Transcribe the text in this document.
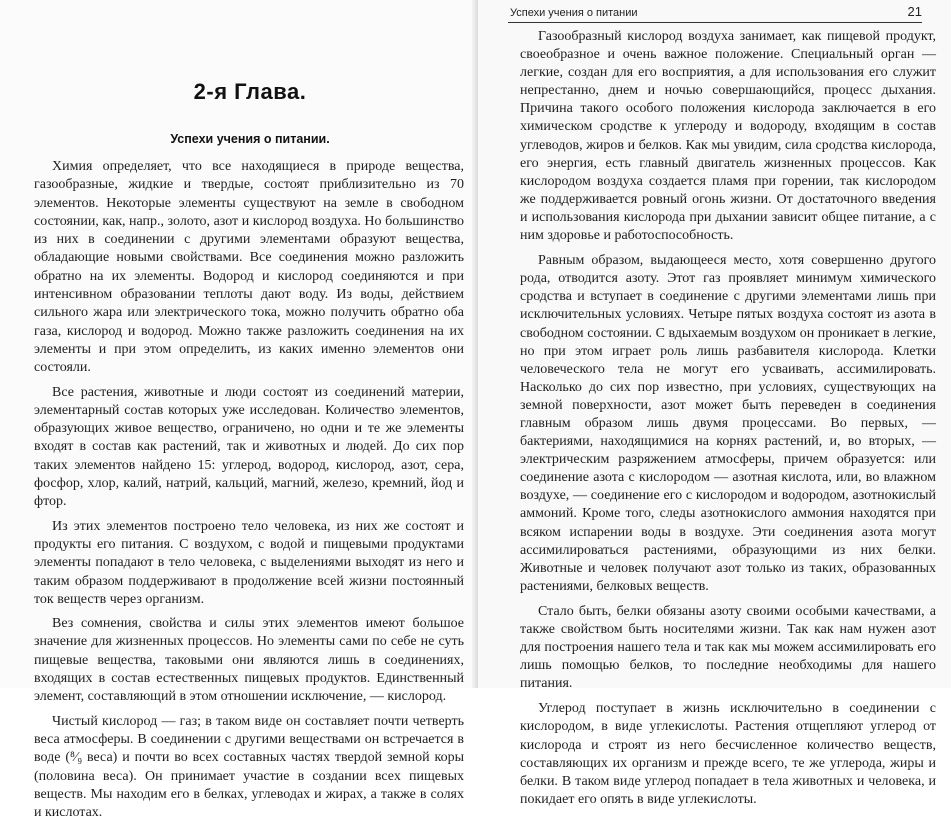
2-я Глава.
Успехи учения о питании.

Химия определяет, что все находящиеся в природе вещества, газообразные, жидкие и твердые, состоят приблизительно из 70 элементов. Некоторые элементы существуют на земле в свободном состоянии, как, напр., золото, азот и кислород воздуха. Но большинство из них в соединении с другими элементами образуют вещества, обладающие новыми свойствами. Все соединения можно разложить обратно на их элементы. Водород и кислород соединяются и при интенсивном образовании теплоты дают воду. Из воды, действием сильного жара или электрического тока, можно получить обратно оба газа, кислород и водород. Можно также разложить соединения на их элементы и при этом определить, из каких именно элементов они состояли.

Все растения, животные и люди состоят из соединений материи, элементарный состав которых уже исследован. Количество элементов, образующих живое вещество, ограничено, но одни и те же элементы входят в состав как растений, так и животных и людей. До сих пор таких элементов найдено 15: углерод, водород, кислород, азот, сера, фосфор, хлор, калий, натрий, кальций, магний, железо, кремний, йод и фтор.

Из этих элементов построено тело человека, из них же состоят и продукты его питания. С воздухом, с водой и пищевыми продуктами элементы попадают в тело человека, с выделениями выходят из него и таким образом поддерживают в продолжение всей жизни постоянный ток веществ через организм.

Вез сомнения, свойства и силы этих элементов имеют большое значение для жизненных процессов. Но элементы сами по себе не суть пищевые вещества, таковыми они являются лишь в соединениях, входящих в состав естественных пищевых продуктов. Единственный элемент, составляющий в этом отношении исключение, — кислород.

Чистый кислород — газ; в таком виде он составляет почти четверть веса атмосферы. В соединении с другими веществами он встречается в воде (⁸⁄₉ веса) и почти во всех составных частях твердой земной коры (половина веса). Он принимает участие в создании всех пищевых веществ. Мы находим его в белках, углеводах и жирах, а также в солях и кислотах.

Успехи учения о питании	21

Газообразный кислород воздуха занимает, как пищевой продукт, своеобразное и очень важное положение. Специальный орган — легкие, создан для его восприятия, а для использования его служит непрестанно, днем и ночью совершающийся, процесс дыхания. Причина такого особого положения кислорода заключается в его химическом сродстве к углероду и водороду, входящим в состав углеводов, жиров и белков. Как мы увидим, сила сродства кислорода, его энергия, есть главный двигатель жизненных процессов. Как кислородом воздуха создается пламя при горении, так кислородом же поддерживается ровный огонь жизни. От достаточного введения и использования кислорода при дыхании зависит общее питание, а с ним здоровье и работоспособность.

Равным образом, выдающееся место, хотя совершенно другого рода, отводится азоту. Этот газ проявляет минимум химического сродства и вступает в соединение с другими элементами лишь при исключительных условиях. Четыре пятых воздуха состоят из азота в свободном состоянии. С вдыхаемым воздухом он проникает в легкие, но при этом играет роль лишь разбавителя кислорода. Клетки человеческого тела не могут его усваивать, ассимилировать. Насколько до сих пор известно, при условиях, существующих на земной поверхности, азот может быть переведен в соединения главным образом лишь двумя процессами. Во первых, — бактериями, находящимися на корнях растений, и, во вторых, — электрическим разряжением атмосферы, причем образуется: или соединение азота с кислородом — азотная кислота, или, во влажном воздухе, — соединение его с кислородом и водородом, азотнокислый аммоний. Кроме того, следы азотнокислого аммония находятся при всяком испарении воды в воздухе. Эти соединения азота могут ассимилироваться растениями, образующими из них белки. Животные и человек получают азот только из таких, образованных растениями, белковых веществ.

Стало быть, белки обязаны азоту своими особыми качествами, а также свойством быть носителями жизни. Так как нам нужен азот для построения нашего тела и так как мы можем ассимилировать его лишь помощью белков, то последние необходимы для нашего питания.

Углерод поступает в жизнь исключительно в соединении с кислородом, в виде углекислоты. Растения отщепляют углерод от кислорода и строят из него бесчисленное количество веществ, составляющих их организм и прежде всего, те же углерода, жиры и белки. В таком виде углерод попадает в тела животных и человека, и покидает его опять в виде углекислоты.
